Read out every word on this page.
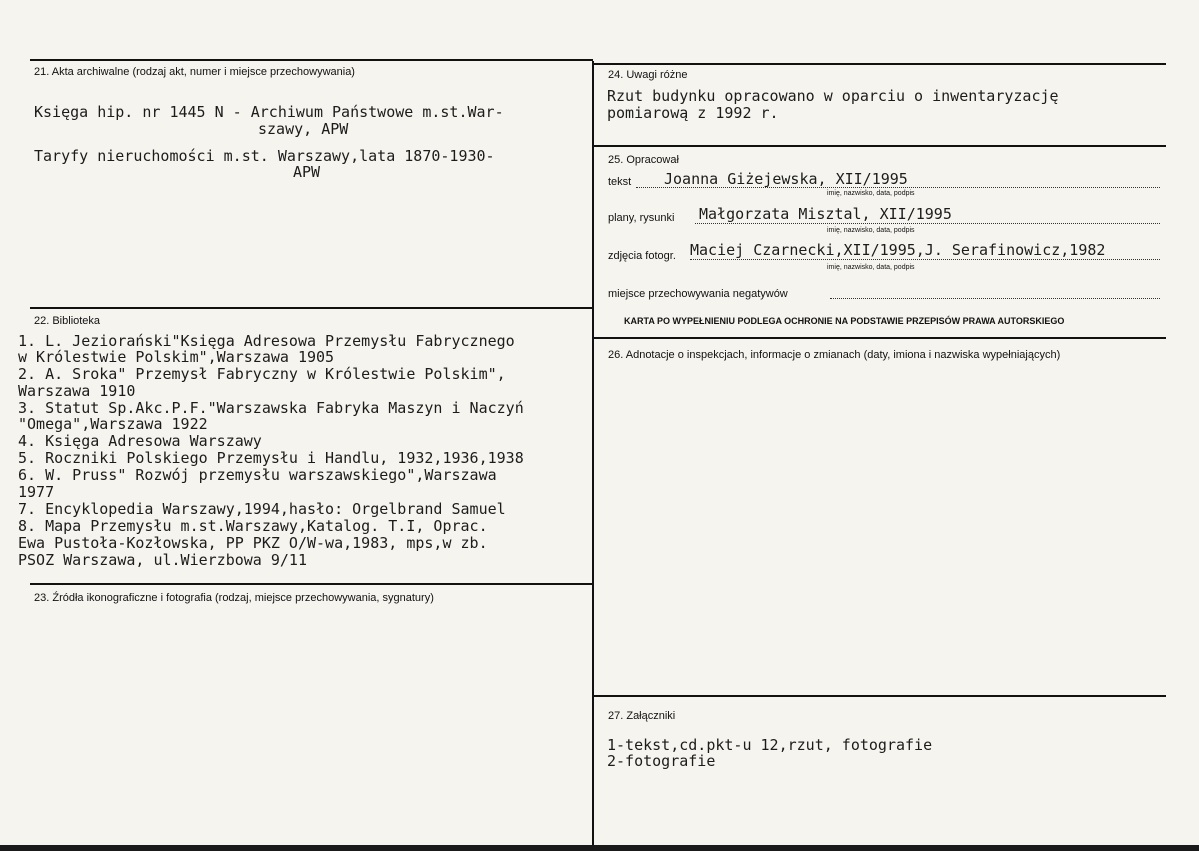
21. Akta archiwalne (rodzaj akt, numer i miejsce przechowywania)
Księga hip. nr 1445 N - Archiwum Państwowe m.st.War-
szawy, APW
Taryfy nieruchomości m.st. Warszawy,lata 1870-1930-
APW
22. Biblioteka
1. L. Jeziorański"Księga Adresowa Przemysłu Fabrycznego
w Królestwie Polskim",Warszawa 1905
2. A. Sroka" Przemysł Fabryczny w Królestwie Polskim",
Warszawa 1910
3. Statut Sp.Akc.P.F."Warszawska Fabryka Maszyn i Naczyń
"Omega",Warszawa 1922
4. Księga Adresowa Warszawy
5. Roczniki Polskiego Przemysłu i Handlu, 1932,1936,1938
6. W. Pruss" Rozwój przemysłu warszawskiego",Warszawa
1977
7. Encyklopedia Warszawy,1994,hasło: Orgelbrand Samuel
8. Mapa Przemysłu m.st.Warszawy,Katalog. T.I, Oprac.
Ewa Pustoła-Kozłowska, PP PKZ O/W-wa,1983, mps,w zb.
PSOZ Warszawa, ul.Wierzbowa 9/11
23. Źródła ikonograficzne i fotografia (rodzaj, miejsce przechowywania, sygnatury)
24. Uwagi różne
Rzut budynku opracowano w oparciu o inwentaryzację
pomiarową z 1992 r.
25. Opracował
tekst Joanna Giżejewska, XII/1995
imię, nazwisko, data, podpis
plany, rysunki Małgorzata Misztal, XII/1995
imię, nazwisko, data, podpis
zdjęcia fotogr. Maciej Czarnecki,XII/1995,J. Serafinowicz,1982
imię, nazwisko, data, podpis
miejsce przechowywania negatywów
KARTA PO WYPEŁNIENIU PODLEGA OCHRONIE NA PODSTAWIE PRZEPISÓW PRAWA AUTORSKIEGO
26. Adnotacje o inspekcjach, informacje o zmianach (daty, imiona i nazwiska wypełniających)
27. Załączniki
1-tekst,cd.pkt-u 12,rzut, fotografie
2-fotografie
